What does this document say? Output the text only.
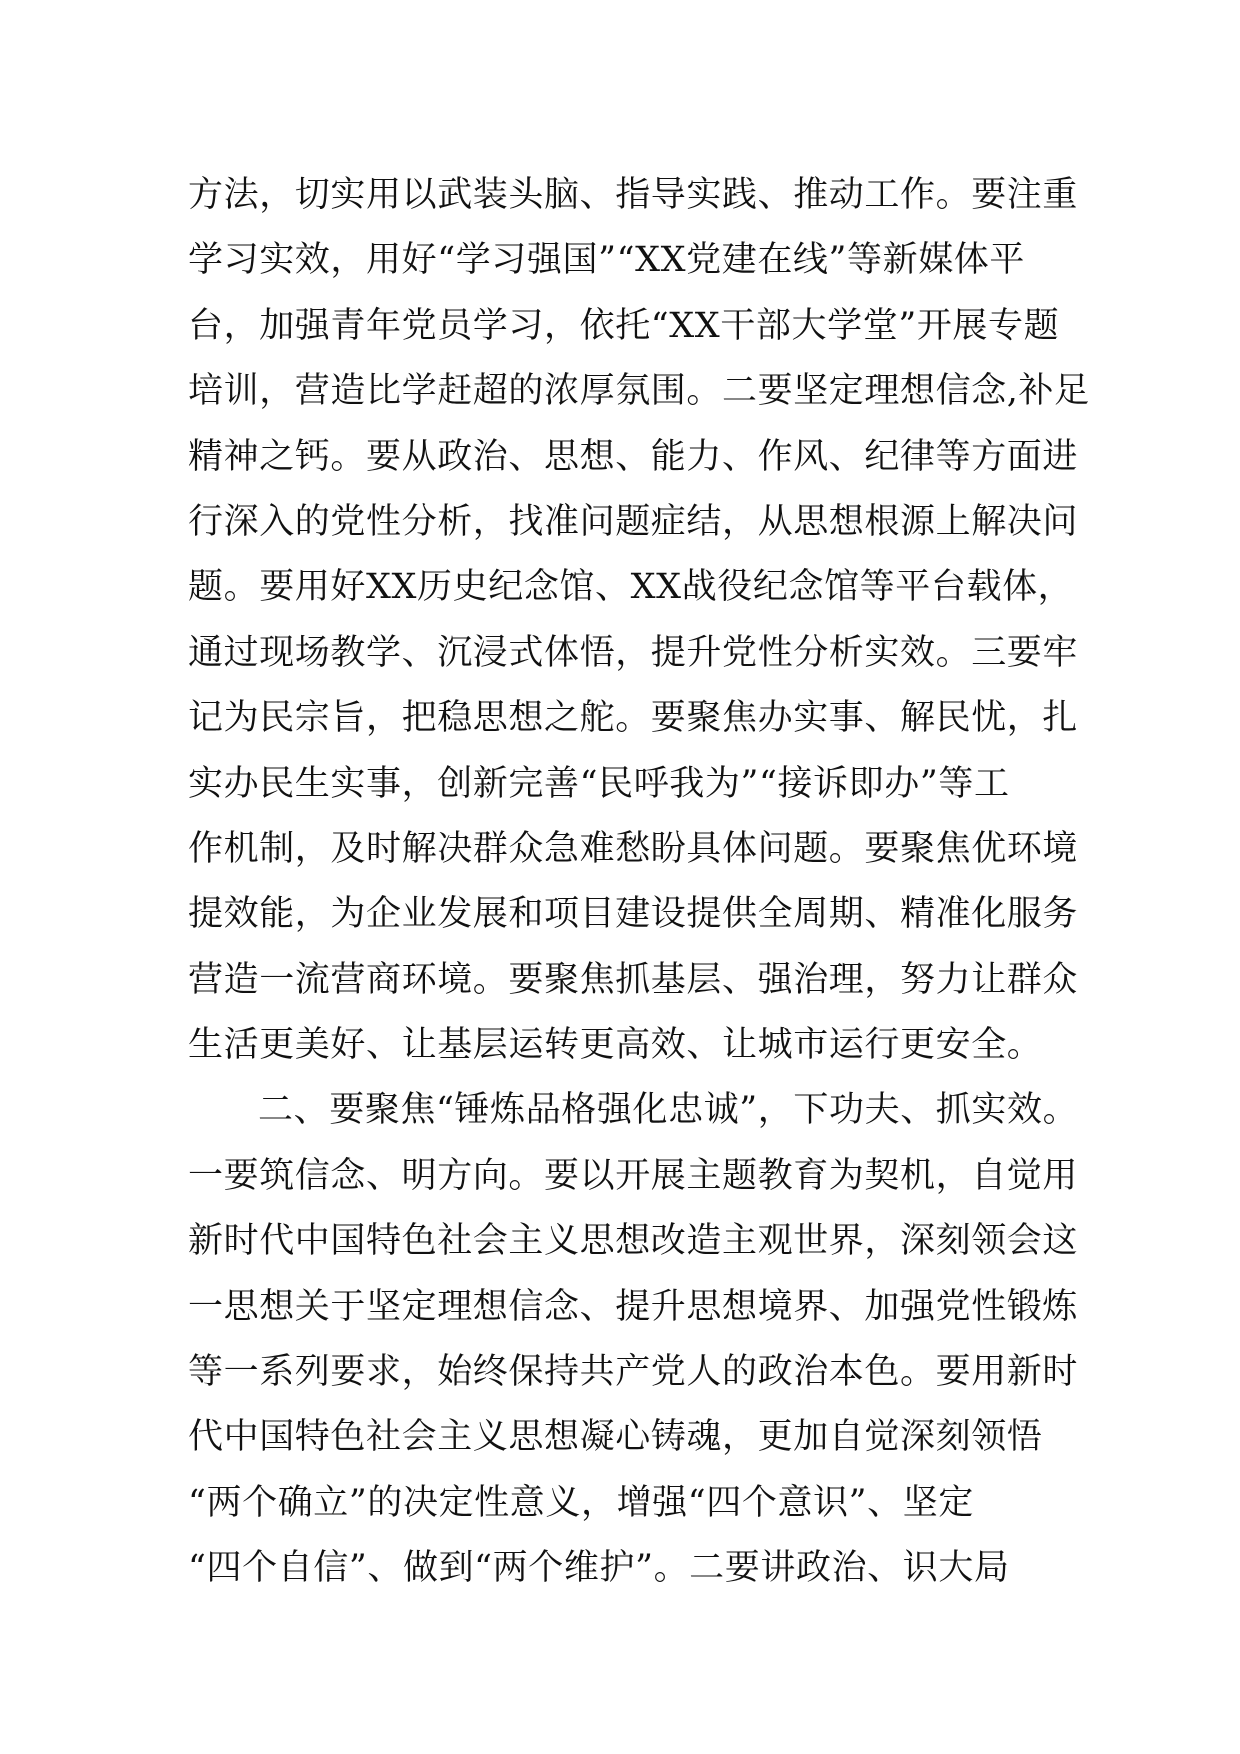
方法，切实用以武装头脑、指导实践、推动工作。要注重
学习实效，用好“学习强国”“XX党建在线”等新媒体平
台，加强青年党员学习，依托“XX干部大学堂”开展专题
培训，营造比学赶超的浓厚氛围。二要坚定理想信念,补足
精神之钙。要从政治、思想、能力、作风、纪律等方面进
行深入的党性分析，找准问题症结，从思想根源上解决问
题。要用好XX历史纪念馆、XX战役纪念馆等平台载体，
通过现场教学、沉浸式体悟，提升党性分析实效。三要牢
记为民宗旨，把稳思想之舵。要聚焦办实事、解民忧，扎
实办民生实事，创新完善“民呼我为”“接诉即办”等工
作机制，及时解决群众急难愁盼具体问题。要聚焦优环境
提效能，为企业发展和项目建设提供全周期、精准化服务
营造一流营商环境。要聚焦抓基层、强治理，努力让群众
生活更美好、让基层运转更高效、让城市运行更安全。
二、要聚焦“锤炼品格强化忠诚”，下功夫、抓实效。
一要筑信念、明方向。要以开展主题教育为契机，自觉用
新时代中国特色社会主义思想改造主观世界，深刻领会这
一思想关于坚定理想信念、提升思想境界、加强党性锻炼
等一系列要求，始终保持共产党人的政治本色。要用新时
代中国特色社会主义思想凝心铸魂，更加自觉深刻领悟
“两个确立”的决定性意义，增强“四个意识”、坚定
“四个自信”、做到“两个维护”。二要讲政治、识大局
